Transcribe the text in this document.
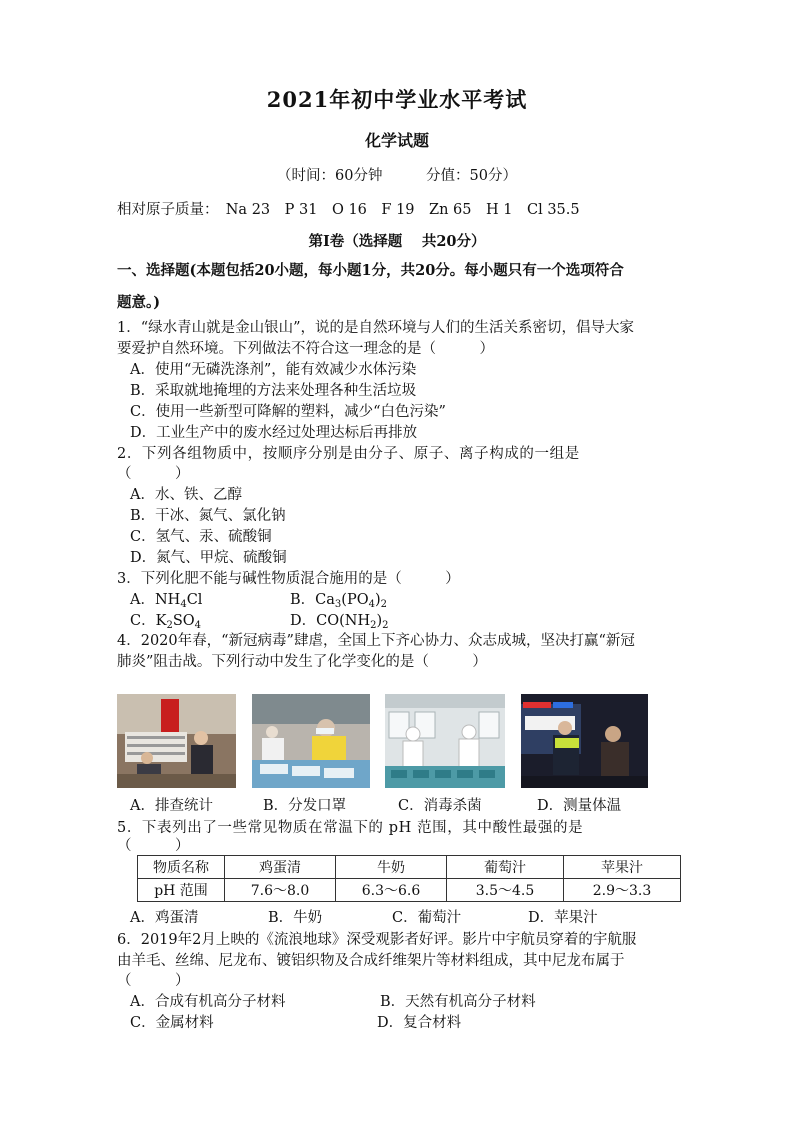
2021年初中学业水平考试
化学试题
（时间：60分钟　　　分值：50分）
相对原子质量：　Na 23　P 31　O 16　F 19　Zn 65　H 1　Cl 35.5
第Ⅰ卷（选择题　 共20分）
一、选择题(本题包括20小题，每小题1分，共20分。每小题只有一个选项符合
题意。)
1．“绿水青山就是金山银山”，说的是自然环境与人们的生活关系密切，倡导大家
要爱护自然环境。下列做法不符合这一理念的是（　　　）
A．使用“无磷洗涤剂”，能有效减少水体污染
B．采取就地掩埋的方法来处理各种生活垃圾
C．使用一些新型可降解的塑料，减少“白色污染”
D．工业生产中的废水经过处理达标后再排放
2．下列各组物质中，按顺序分别是由分子、原子、离子构成的一组是
（　　　）
A．水、铁、乙醇
B．干冰、氮气、氯化钠
C．氢气、汞、硫酸铜
D．氮气、甲烷、硫酸铜
3．下列化肥不能与碱性物质混合施用的是（　　　）
A．$NH_4Cl$	B．$Ca_3(PO_4)_2$
C．$K_2SO_4$	D．$CO(NH_2)_2$
4．2020年春，“新冠病毒”肆虐，全国上下齐心协力、众志成城，坚决打赢“新冠
肺炎”阻击战。下列行动中发生了化学变化的是（　　　）
A．排查统计	B．分发口罩	C．消毒杀菌	D．测量体温
5．下表列出了一些常见物质在常温下的 pH 范围，其中酸性最强的是
（　　　）
物质名称	鸡蛋清	牛奶	葡萄汁	苹果汁
pH 范围	7.6～8.0	6.3～6.6	3.5～4.5	2.9～3.3
A．鸡蛋清	B．牛奶	C．葡萄汁	D．苹果汁
6．2019年2月上映的《流浪地球》深受观影者好评。影片中宇航员穿着的宇航服
由羊毛、丝绵、尼龙布、镀铝织物及合成纤维架片等材料组成，其中尼龙布属于
（　　　）
A．合成有机高分子材料	B．天然有机高分子材料
C．金属材料	D．复合材料
